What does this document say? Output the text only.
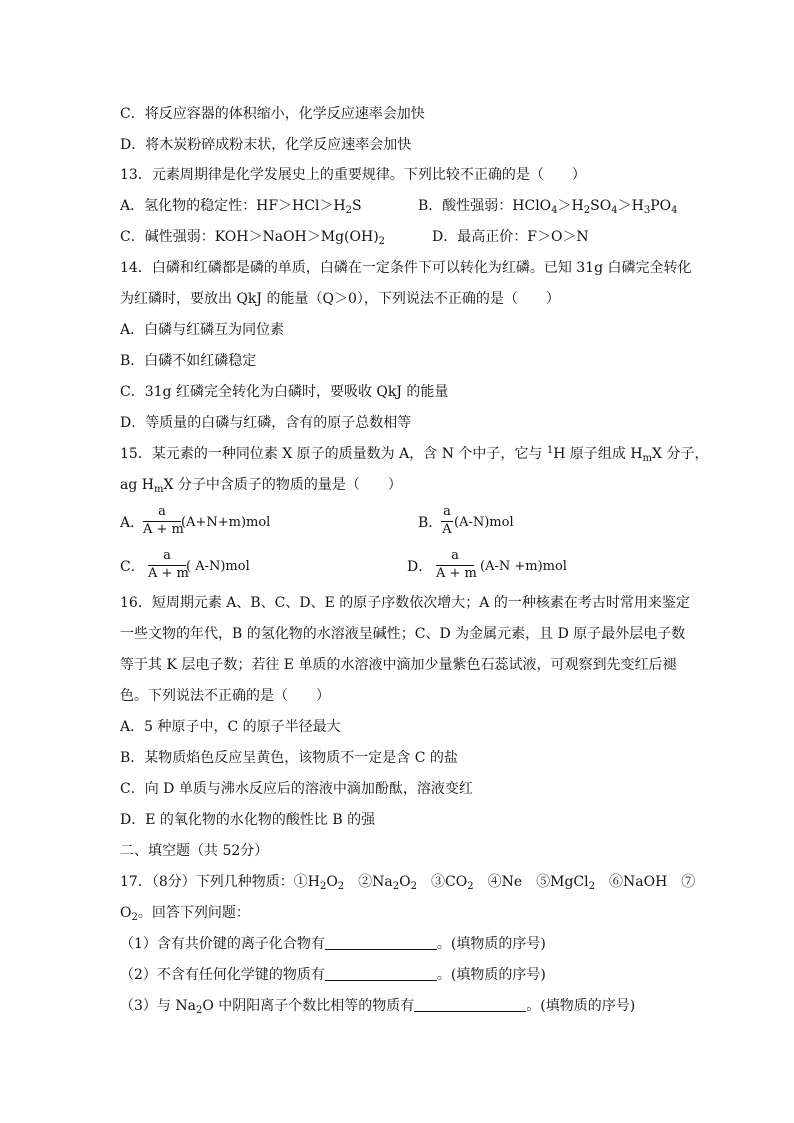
C．将反应容器的体积缩小，化学反应速率会加快
D．将木炭粉碎成粉末状，化学反应速率会加快
13．元素周期律是化学发展史上的重要规律。下列比较不正确的是（　　）
A．氢化物的稳定性：$HF>HCl>H_2S$	B．酸性强弱：$HClO_4>H_2SO_4>H_3PO_4$
C．碱性强弱：$KOH>NaOH>Mg(OH)_2$	D．最高正价：F＞O＞N
14．白磷和红磷都是磷的单质，白磷在一定条件下可以转化为红磷。已知 31g 白磷完全转化
为红磷时，要放出 QkJ 的能量（Q＞0），下列说法不正确的是（　　）
A．白磷与红磷互为同位素
B．白磷不如红磷稳定
C．31g 红磷完全转化为白磷时，要吸收 QkJ 的能量
D．等质量的白磷与红磷，含有的原子总数相等
15．某元素的一种同位素 X 原子的质量数为 A，含 N 个中子，它与 $^1$H 原子组成 $H_mX$ 分子，
ag $H_mX$ 分子中含质子的物质的量是（　　）
A．
a
A + m
(A+N+m)mol	B．
a
A (A-N)mol
C．
a
A + m
( A-N)mol	D．
a
A + m (A-N +m)mol
16．短周期元素 A、B、C、D、E 的原子序数依次增大；A 的一种核素在考古时常用来鉴定
一些文物的年代，B 的氢化物的水溶液呈碱性；C、D 为金属元素，且 D 原子最外层电子数
等于其 K 层电子数；若往 E 单质的水溶液中滴加少量紫色石蕊试液，可观察到先变红后褪
色。下列说法不正确的是（　　）
A．5 种原子中，C 的原子半径最大
B．某物质焰色反应呈黄色，该物质不一定是含 C 的盐
C．向 D 单质与沸水反应后的溶液中滴加酚酞，溶液变红
D．E 的氧化物的水化物的酸性比 B 的强
二、填空题（共 52分）
17．（8分）下列几种物质：$①H_2O_2$　$②Na_2O_2$　$③CO_2$　④Ne　⑤MgCl$_2$　⑥NaOH　⑦
$O_2$。回答下列问题：
（1）含有共价键的离子化合物有	。(填物质的序号)
（2）不含有任何化学键的物质有	。(填物质的序号)
（3）与 $Na_2O$ 中阴阳离子个数比相等的物质有	。(填物质的序号)
